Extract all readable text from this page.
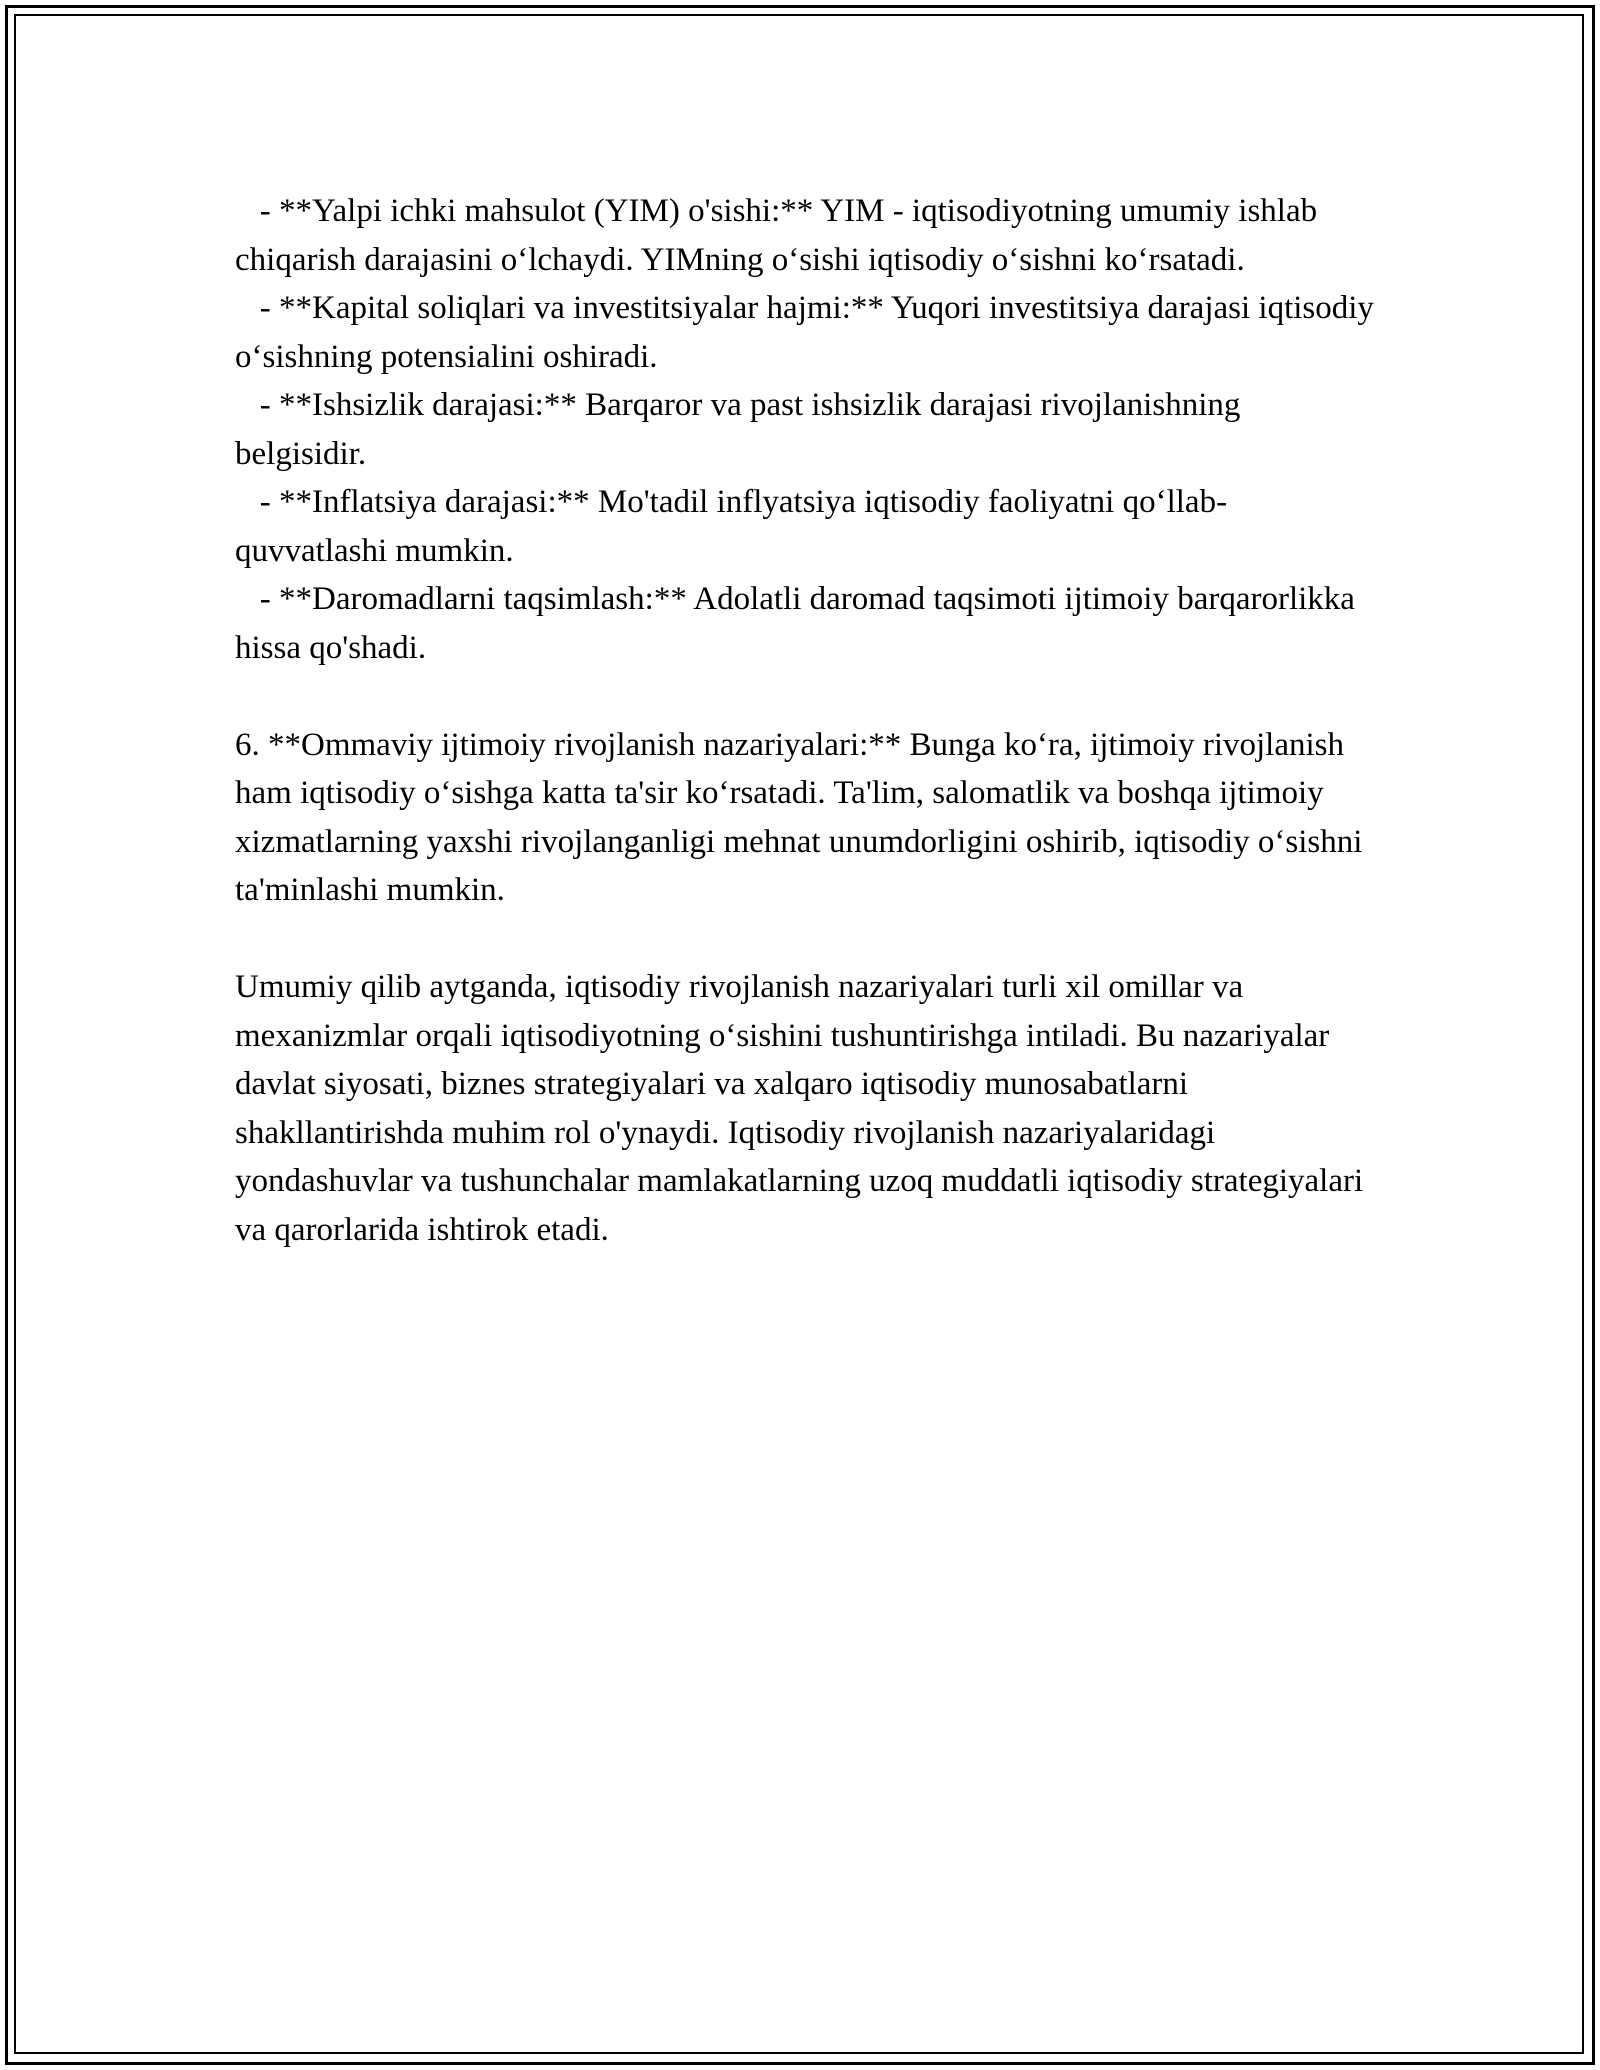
- **Yalpi ichki mahsulot (YIM) o'sishi:** YIM - iqtisodiyotning umumiy ishlab chiqarish darajasini o‘lchaydi. YIMning o‘sishi iqtisodiy o‘sishni ko‘rsatadi.

- **Kapital soliqlari va investitsiyalar hajmi:** Yuqori investitsiya darajasi iqtisodiy o‘sishning potensialini oshiradi.

- **Ishsizlik darajasi:** Barqaror va past ishsizlik darajasi rivojlanishning belgisidir.

- **Inflatsiya darajasi:** Mo'tadil inflyatsiya iqtisodiy faoliyatni qo‘llab-quvvatlashi mumkin.

- **Daromadlarni taqsimlash:** Adolatli daromad taqsimoti ijtimoiy barqarorlikka hissa qo'shadi.

6. **Ommaviy ijtimoiy rivojlanish nazariyalari:** Bunga ko‘ra, ijtimoiy rivojlanish ham iqtisodiy o‘sishga katta ta'sir ko‘rsatadi. Ta'lim, salomatlik va boshqa ijtimoiy xizmatlarning yaxshi rivojlanganligi mehnat unumdorligini oshirib, iqtisodiy o‘sishni ta'minlashi mumkin.

Umumiy qilib aytganda, iqtisodiy rivojlanish nazariyalari turli xil omillar va mexanizmlar orqali iqtisodiyotning o‘sishini tushuntirishga intiladi. Bu nazariyalar davlat siyosati, biznes strategiyalari va xalqaro iqtisodiy munosabatlarni shakllantirishda muhim rol o'ynaydi. Iqtisodiy rivojlanish nazariyalaridagi yondashuvlar va tushunchalar mamlakatlarning uzoq muddatli iqtisodiy strategiyalari va qarorlarida ishtirok etadi.
